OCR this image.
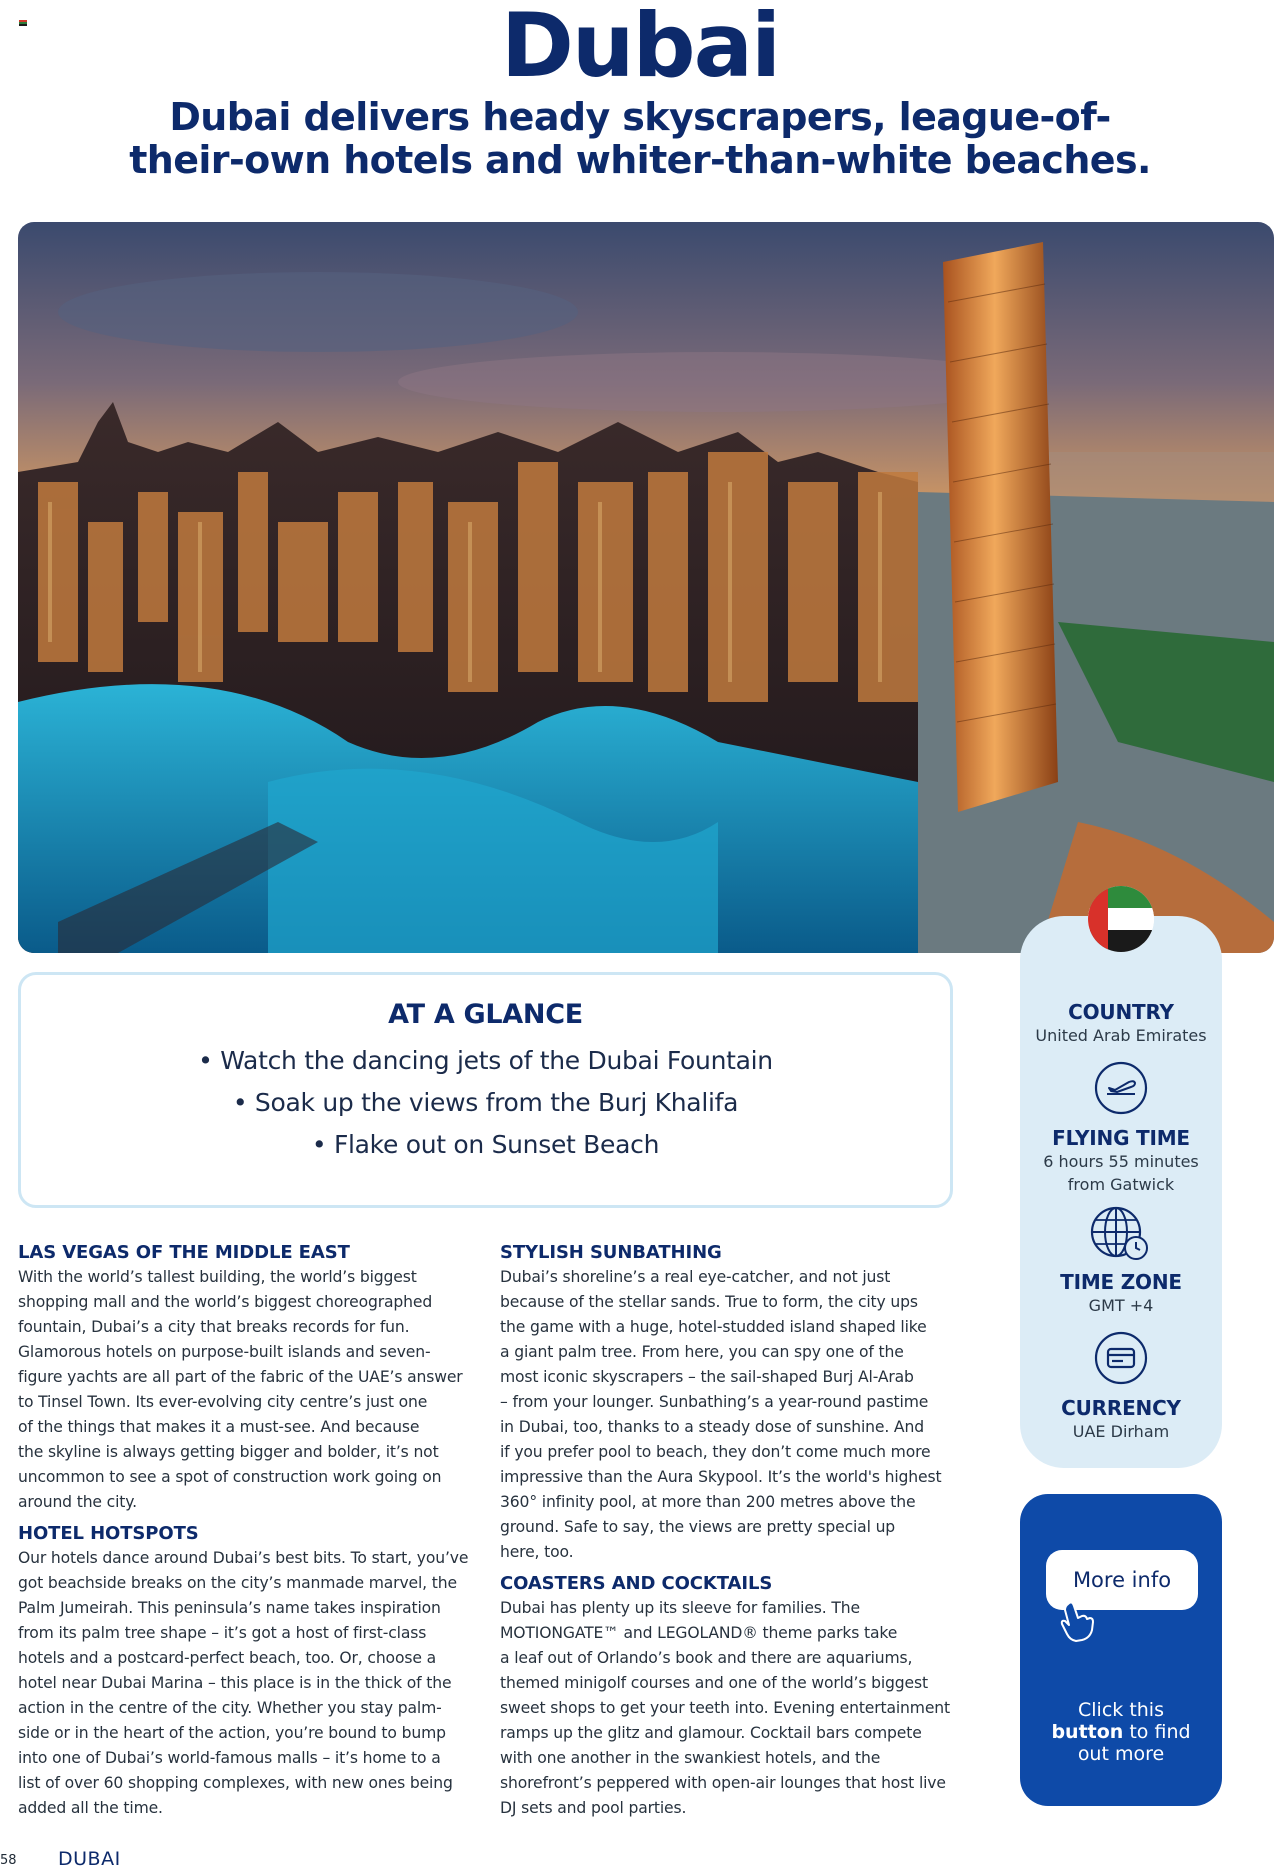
Dubai
Dubai delivers heady skyscrapers, league-of-their-own hotels and whiter-than-white beaches.
AT A GLANCE
• Watch the dancing jets of the Dubai Fountain
• Soak up the views from the Burj Khalifa
• Flake out on Sunset Beach
COUNTRY
United Arab Emirates
FLYING TIME
6 hours 55 minutes from Gatwick
TIME ZONE
GMT +4
CURRENCY
UAE Dirham
More info
Click this
button to find
out more
LAS VEGAS OF THE MIDDLE EAST
With the world’s tallest building, the world’s biggest
shopping mall and the world’s biggest choreographed
fountain, Dubai’s a city that breaks records for fun.
Glamorous hotels on purpose-built islands and seven-
figure yachts are all part of the fabric of the UAE’s answer
to Tinsel Town. Its ever-evolving city centre’s just one
of the things that makes it a must-see. And because
the skyline is always getting bigger and bolder, it’s not
uncommon to see a spot of construction work going on
around the city.
HOTEL HOTSPOTS
Our hotels dance around Dubai’s best bits. To start, you’ve
got beachside breaks on the city’s manmade marvel, the
Palm Jumeirah. This peninsula’s name takes inspiration
from its palm tree shape – it’s got a host of first-class
hotels and a postcard-perfect beach, too. Or, choose a
hotel near Dubai Marina – this place is in the thick of the
action in the centre of the city. Whether you stay palm-
side or in the heart of the action, you’re bound to bump
into one of Dubai’s world-famous malls – it’s home to a
list of over 60 shopping complexes, with new ones being
added all the time.
STYLISH SUNBATHING
Dubai’s shoreline’s a real eye-catcher, and not just
because of the stellar sands. True to form, the city ups
the game with a huge, hotel-studded island shaped like
a giant palm tree. From here, you can spy one of the
most iconic skyscrapers – the sail-shaped Burj Al-Arab
– from your lounger. Sunbathing’s a year-round pastime
in Dubai, too, thanks to a steady dose of sunshine. And
if you prefer pool to beach, they don’t come much more
impressive than the Aura Skypool. It’s the world's highest
360° infinity pool, at more than 200 metres above the
ground. Safe to say, the views are pretty special up
here, too.
COASTERS AND COCKTAILS
Dubai has plenty up its sleeve for families. The
MOTIONGATE™ and LEGOLAND® theme parks take
a leaf out of Orlando’s book and there are aquariums,
themed minigolf courses and one of the world’s biggest
sweet shops to get your teeth into. Evening entertainment
ramps up the glitz and glamour. Cocktail bars compete
with one another in the swankiest hotels, and the
shorefront’s peppered with open-air lounges that host live
DJ sets and pool parties.
58 DUBAI
